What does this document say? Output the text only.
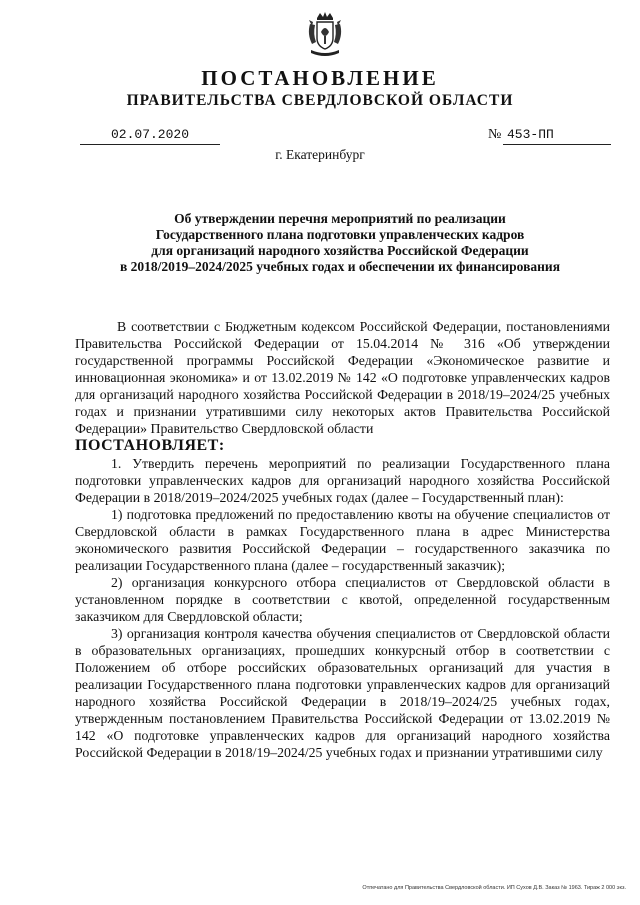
ПОСТАНОВЛЕНИЕ
ПРАВИТЕЛЬСТВА СВЕРДЛОВСКОЙ ОБЛАСТИ
02.07.2020	№ 453-ПП
г. Екатеринбург
Об утверждении перечня мероприятий по реализации
Государственного плана подготовки управленческих кадров
для организаций народного хозяйства Российской Федерации
в 2018/2019–2024/2025 учебных годах и обеспечении их финансирования

В соответствии с Бюджетным кодексом Российской Федерации, постановлениями Правительства Российской Федерации от 15.04.2014 № 316 «Об утверждении государственной программы Российской Федерации «Экономическое развитие и инновационная экономика» и от 13.02.2019 № 142 «О подготовке управленческих кадров для организаций народного хозяйства Российской Федерации в 2018/19–2024/25 учебных годах и признании утратившими силу некоторых актов Правительства Российской Федерации» Правительство Свердловской области

ПОСТАНОВЛЯЕТ:

1. Утвердить перечень мероприятий по реализации Государственного плана подготовки управленческих кадров для организаций народного хозяйства Российской Федерации в 2018/2019–2024/2025 учебных годах (далее – Государственный план):

1) подготовка предложений по предоставлению квоты на обучение специалистов от Свердловской области в рамках Государственного плана в адрес Министерства экономического развития Российской Федерации – государственного заказчика по реализации Государственного плана (далее – государственный заказчик);

2) организация конкурсного отбора специалистов от Свердловской области в установленном порядке в соответствии с квотой, определенной государственным заказчиком для Свердловской области;

3) организация контроля качества обучения специалистов от Свердловской области в образовательных организациях, прошедших конкурсный отбор в соответствии с Положением об отборе российских образовательных организаций для участия в реализации Государственного плана подготовки управленческих кадров для организаций народного хозяйства Российской Федерации в 2018/19–2024/25 учебных годах, утвержденным постановлением Правительства Российской Федерации от 13.02.2019 № 142 «О подготовке управленческих кадров для организаций народного хозяйства Российской Федерации в 2018/19–2024/25 учебных годах и признании утратившими силу

Отпечатано для Правительства Свердловской области. ИП Сухов Д.В. Заказ № 1963. Тираж 2 000 экз.
